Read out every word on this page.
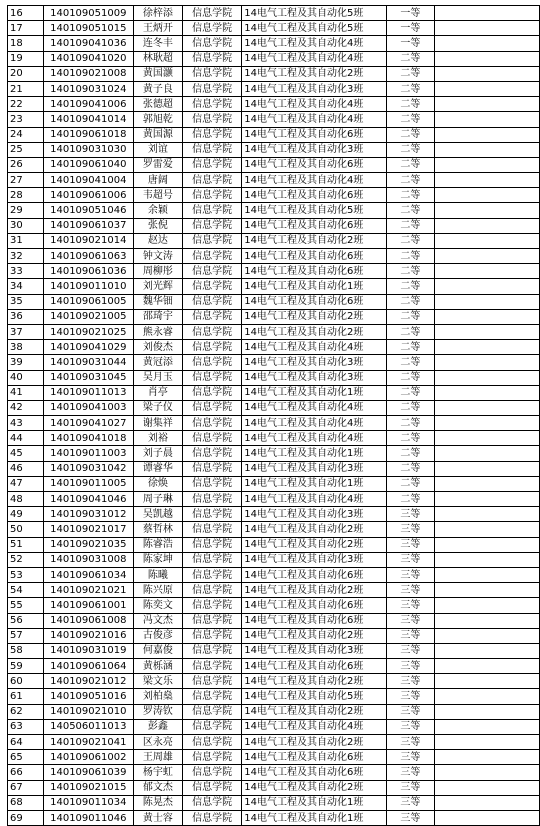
16	140109051009	徐梓添	信息学院	14电气工程及其自动化5班	一等	
17	140109051015	王炳开	信息学院	14电气工程及其自动化5班	一等	
18	140109041036	连冬丰	信息学院	14电气工程及其自动化4班	一等	
19	140109041020	林耿超	信息学院	14电气工程及其自动化4班	二等	
20	140109021008	黄国灏	信息学院	14电气工程及其自动化2班	二等	
21	140109031024	黄子良	信息学院	14电气工程及其自动化3班	二等	
22	140109041006	张德超	信息学院	14电气工程及其自动化4班	二等	
23	140109041014	郭旭乾	信息学院	14电气工程及其自动化4班	二等	
24	140109061018	黄国源	信息学院	14电气工程及其自动化6班	二等	
25	140109031030	刘谊	信息学院	14电气工程及其自动化3班	二等	
26	140109061040	罗雷爱	信息学院	14电气工程及其自动化6班	二等	
27	140109041004	唐阔	信息学院	14电气工程及其自动化4班	二等	
28	140109061006	韦超号	信息学院	14电气工程及其自动化6班	二等	
29	140109051046	余颖	信息学院	14电气工程及其自动化5班	二等	
30	140109061037	张倪	信息学院	14电气工程及其自动化6班	二等	
31	140109021014	赵达	信息学院	14电气工程及其自动化2班	二等	
32	140109061063	钟文涛	信息学院	14电气工程及其自动化6班	二等	
33	140109061036	周柳彤	信息学院	14电气工程及其自动化6班	二等	
34	140109011010	刘光辉	信息学院	14电气工程及其自动化1班	二等	
35	140109061005	魏华钿	信息学院	14电气工程及其自动化6班	二等	
36	140109021005	邵琦宇	信息学院	14电气工程及其自动化2班	二等	
37	140109021025	熊永睿	信息学院	14电气工程及其自动化2班	二等	
38	140109041029	刘俊杰	信息学院	14电气工程及其自动化4班	二等	
39	140109031044	黄冠添	信息学院	14电气工程及其自动化3班	二等	
40	140109031045	吴月玉	信息学院	14电气工程及其自动化3班	二等	
41	140109011013	肖亭	信息学院	14电气工程及其自动化1班	二等	
42	140109041003	梁子仪	信息学院	14电气工程及其自动化4班	二等	
43	140109041027	谢集祥	信息学院	14电气工程及其自动化4班	二等	
44	140109041018	刘裕	信息学院	14电气工程及其自动化4班	二等	
45	140109011003	刘子晨	信息学院	14电气工程及其自动化1班	二等	
46	140109031042	谭睿华	信息学院	14电气工程及其自动化3班	二等	
47	140109011005	徐焕	信息学院	14电气工程及其自动化1班	二等	
48	140109041046	周子琳	信息学院	14电气工程及其自动化4班	二等	
49	140109031012	吴凯越	信息学院	14电气工程及其自动化3班	三等	
50	140109021017	蔡哲林	信息学院	14电气工程及其自动化2班	三等	
51	140109021035	陈睿浩	信息学院	14电气工程及其自动化2班	三等	
52	140109031008	陈家坤	信息学院	14电气工程及其自动化3班	三等	
53	140109061034	陈曦	信息学院	14电气工程及其自动化6班	三等	
54	140109021021	陈兴原	信息学院	14电气工程及其自动化2班	三等	
55	140109061001	陈奕文	信息学院	14电气工程及其自动化6班	三等	
56	140109061008	冯文杰	信息学院	14电气工程及其自动化6班	三等	
57	140109021016	古俊彦	信息学院	14电气工程及其自动化2班	三等	
58	140109031019	何嘉俊	信息学院	14电气工程及其自动化3班	三等	
59	140109061064	黄栎涵	信息学院	14电气工程及其自动化6班	三等	
60	140109021012	梁文乐	信息学院	14电气工程及其自动化2班	三等	
61	140109051016	刘柏燊	信息学院	14电气工程及其自动化5班	三等	
62	140109021010	罗涛钦	信息学院	14电气工程及其自动化2班	三等	
63	140506011013	彭鑫	信息学院	14电气工程及其自动化4班	三等	
64	140109021041	区永亮	信息学院	14电气工程及其自动化2班	三等	
65	140109061002	王周雄	信息学院	14电气工程及其自动化6班	三等	
66	140109061039	杨宇虹	信息学院	14电气工程及其自动化6班	三等	
67	140109021015	郁文杰	信息学院	14电气工程及其自动化2班	三等	
68	140109011034	陈晃杰	信息学院	14电气工程及其自动化1班	三等	
69	140109011046	黄士容	信息学院	14电气工程及其自动化1班	三等	
